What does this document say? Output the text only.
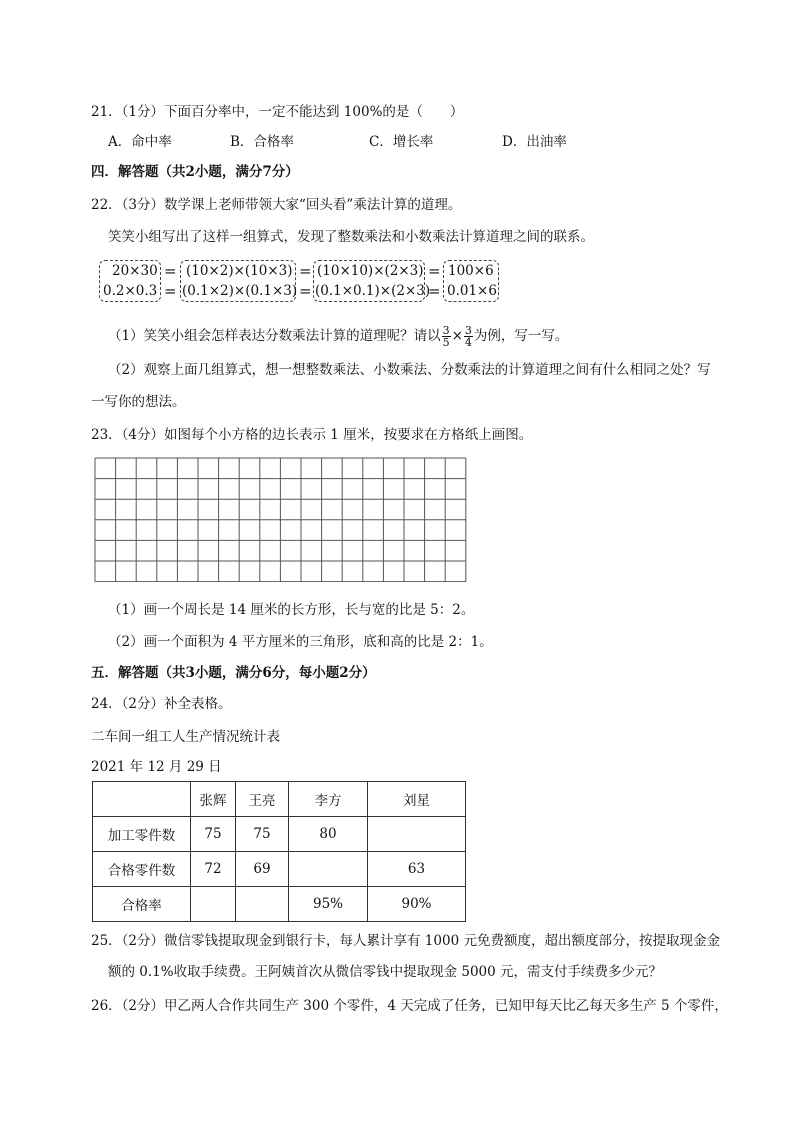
21．（1分）下面百分率中，一定不能达到 100%的是（　　）
A．命中率	B．合格率	C．增长率	D．出油率
四．解答题（共2小题，满分7分）
22．（3分）数学课上老师带领大家“回头看”乘法计算的道理。
笑笑小组写出了这样一组算式，发现了整数乘法和小数乘法计算道理之间的联系。
20×30
0.2×0.3
=
=
(10×2)×(10×3)
(0.1×2)×(0.1×3)
=
=
(10×10)×(2×3)
(0.1×0.1)×(2×3)
=
=
100×6
0.01×6
（1）笑笑小组会怎样表达分数乘法计算的道理呢？请以 $\frac{3}{5} \times \frac{3}{4}$ 为例，写一写。
（2）观察上面几组算式，想一想整数乘法、小数乘法、分数乘法的计算道理之间有什么相同之处？写
一写你的想法。
23．（4分）如图每个小方格的边长表示 1 厘米，按要求在方格纸上画图。
（1）画一个周长是 14 厘米的长方形，长与宽的比是 5：2。
（2）画一个面积为 4 平方厘米的三角形，底和高的比是 2：1。
五．解答题（共3小题，满分6分，每小题2分）
24．（2分）补全表格。
二车间一组工人生产情况统计表
2021 年 12 月 29 日
	张辉	王亮	李方	刘星
加工零件数	75	75	80	
合格零件数	72	69		63
合格率			95%	90%
25．（2分）微信零钱提取现金到银行卡，每人累计享有 1000 元免费额度，超出额度部分，按提取现金金
额的 0.1%收取手续费。王阿姨首次从微信零钱中提取现金 5000 元，需支付手续费多少元？
26．（2分）甲乙两人合作共同生产 300 个零件，4 天完成了任务，已知甲每天比乙每天多生产 5 个零件，
